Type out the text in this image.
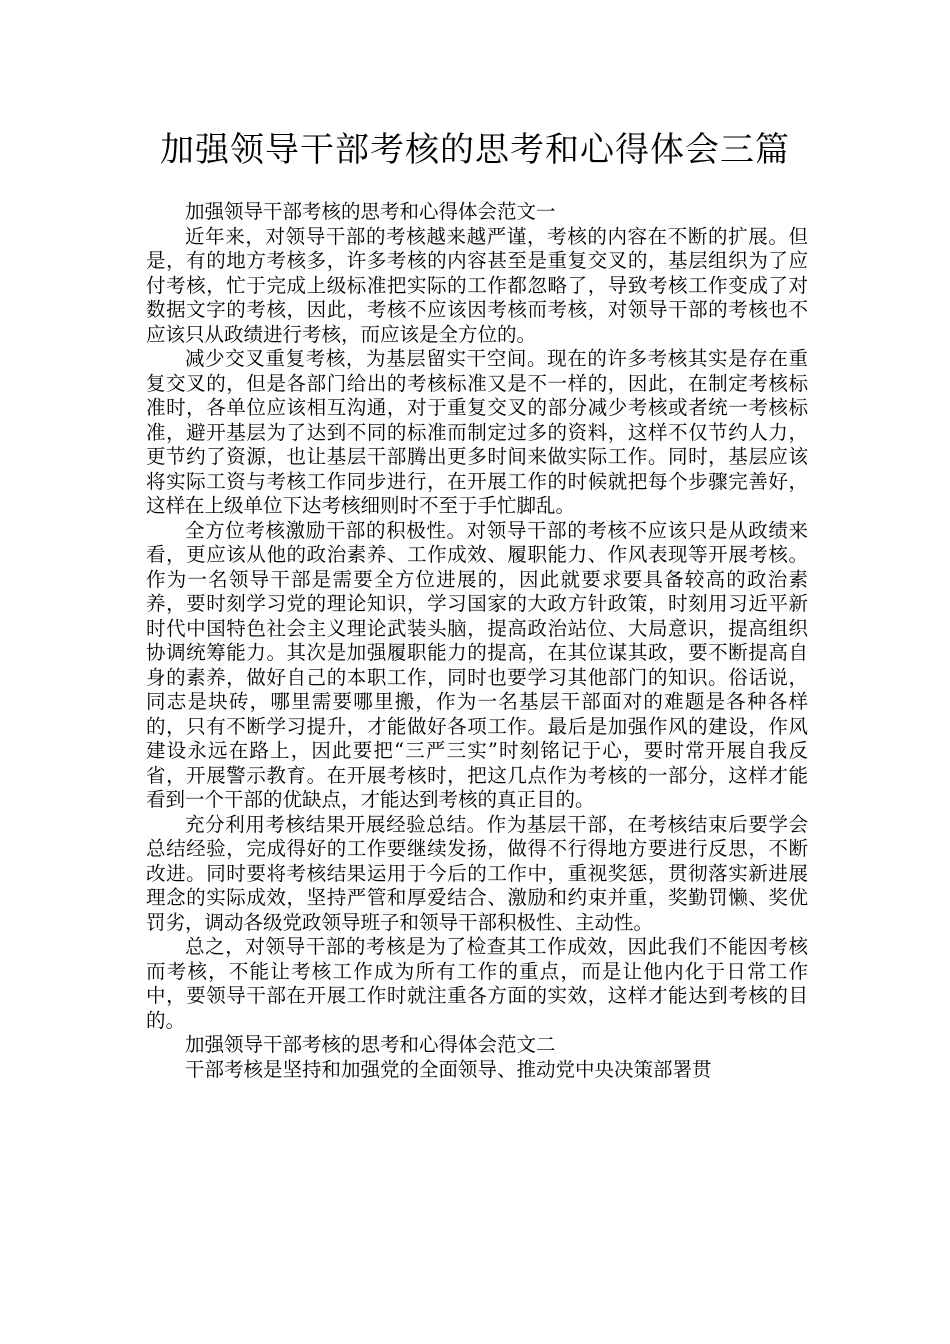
加强领导干部考核的思考和心得体会三篇

加强领导干部考核的思考和心得体会范文一

近年来，对领导干部的考核越来越严谨，考核的内容在不断的扩展。但是，有的地方考核多，许多考核的内容甚至是重复交叉的，基层组织为了应付考核，忙于完成上级标准把实际的工作都忽略了，导致考核工作变成了对数据文字的考核，因此，考核不应该因考核而考核，对领导干部的考核也不应该只从政绩进行考核，而应该是全方位的。

减少交叉重复考核，为基层留实干空间。现在的许多考核其实是存在重复交叉的，但是各部门给出的考核标准又是不一样的，因此，在制定考核标准时，各单位应该相互沟通，对于重复交叉的部分减少考核或者统一考核标准，避开基层为了达到不同的标准而制定过多的资料，这样不仅节约人力，更节约了资源，也让基层干部腾出更多时间来做实际工作。同时，基层应该将实际工资与考核工作同步进行，在开展工作的时候就把每个步骤完善好，这样在上级单位下达考核细则时不至于手忙脚乱。

全方位考核激励干部的积极性。对领导干部的考核不应该只是从政绩来看，更应该从他的政治素养、工作成效、履职能力、作风表现等开展考核。作为一名领导干部是需要全方位进展的，因此就要求要具备较高的政治素养，要时刻学习党的理论知识，学习国家的大政方针政策，时刻用习近平新时代中国特色社会主义理论武装头脑，提高政治站位、大局意识，提高组织协调统筹能力。其次是加强履职能力的提高，在其位谋其政，要不断提高自身的素养，做好自己的本职工作，同时也要学习其他部门的知识。俗话说，同志是块砖，哪里需要哪里搬，作为一名基层干部面对的难题是各种各样的，只有不断学习提升，才能做好各项工作。最后是加强作风的建设，作风建设永远在路上，因此要把“三严三实”时刻铭记于心，要时常开展自我反省，开展警示教育。在开展考核时，把这几点作为考核的一部分，这样才能看到一个干部的优缺点，才能达到考核的真正目的。

充分利用考核结果开展经验总结。作为基层干部，在考核结束后要学会总结经验，完成得好的工作要继续发扬，做得不行得地方要进行反思，不断改进。同时要将考核结果运用于今后的工作中，重视奖惩，贯彻落实新进展理念的实际成效，坚持严管和厚爱结合、激励和约束并重，奖勤罚懒、奖优罚劣，调动各级党政领导班子和领导干部积极性、主动性。

总之，对领导干部的考核是为了检查其工作成效，因此我们不能因考核而考核，不能让考核工作成为所有工作的重点，而是让他内化于日常工作中，要领导干部在开展工作时就注重各方面的实效，这样才能达到考核的目的。

加强领导干部考核的思考和心得体会范文二

干部考核是坚持和加强党的全面领导、推动党中央决策部署贯
